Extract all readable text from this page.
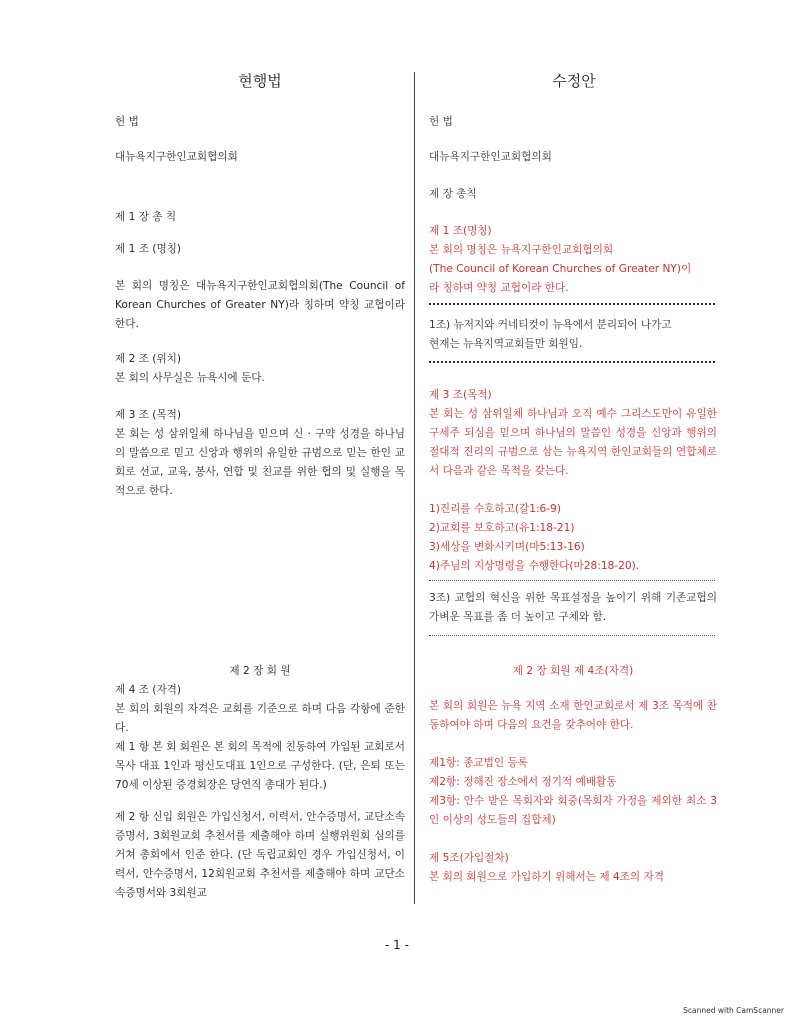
현행법

헌 법

대뉴욕지구한인교회협의회

제 1 장 총 칙

제 1 조 (명칭)

본 회의 명칭은 대뉴욕지구한인교회협의회(The Council of Korean Churches of Greater NY)라 칭하며 약칭 교협이라 한다.

제 2 조 (위치)

본 회의 사무실은 뉴욕시에 둔다.

제 3 조 (목적)

본 회는 성 삼위일체 하나님을 믿으며 신 · 구약 성경을 하나님의 말씀으로 믿고 신앙과 행위의 유일한 규범으로 믿는 한인 교회로 선교, 교육, 봉사, 연합 및 친교를 위한 협의 및 실행을 목적으로 한다.

제 2 장 회 원

제 4 조 (자격)

본 회의 회원의 자격은 교회를 기준으로 하며 다음 각항에 준한다.

제 1 항 본 회 회원은 본 회의 목적에 친동하여 가입된 교회로서 목사 대표 1인과 평신도대표 1인으로 구성한다. (단, 은퇴 또는 70세 이상된 증경회장은 당연직 총대가 된다.)

제 2 항 신입 회원은 가입신청서, 이력서, 안수증명서, 교단소속증명서, 3회원교회 추천서를 제출해야 하며 실행위원회 심의를 거쳐 총회에서 인준 한다. (단 독립교회인 경우 가입신청서, 이력서, 안수증명서, 12회원교회 추천서를 제출해야 하며 교단소속증명서와 3회원교

수정안

헌 법

대뉴욕지구한인교회협의회

제 장 총칙

제 1 조(명칭)

본 회의 명칭은 뉴욕지구한인교회협의회
(The Council of Korean Churches of Greater NY)이
라 칭하며 약칭 교협이라 한다.

1조) 뉴저지와 커네티컷이 뉴욕에서 분리되어 나가고
현재는 뉴욕지역교회들만 회원임.

제 3 조(목적)

본 회는 성 삼위일체 하나님과 오직 예수 그리스도만이 유일한 구세주 되심을 믿으며 하나님의 말씀인 성경을 신앙과 행위의 절대적 진리의 규범으로 삼는 뉴욕지역 한인교회들의 연합체로서 다음과 같은 목적을 갖는다.

1)진리를 수호하고(갈1:6-9)
2)교회를 보호하고(유1:18-21)
3)세상을 변화시키며(마5:13-16)
4)주님의 지상명령을 수행한다(마28:18-20).

3조) 교협의 혁신을 위한 목표설정을 높이기 위해 기존교협의 가벼운 목표를 좀 더 높이고 구체와 함.

제 2 장 회원 제 4조(자격)

본 회의 회원은 뉴욕 지역 소재 한인교회로서 제 3조 목적에 찬동하여야 하며 다음의 요건을 갖추어야 한다.

제1항: 종교법인 등록
제2항: 정해진 장소에서 정기적 예배활동

제3항: 안수 받은 목회자와 회중(목회자 가정을 제외한 최소 3인 이상의 성도들의 집합체)

제 5조(가입절차)

본 회의 회원으로 가입하기 위해서는 제 4조의 자격

- 1 -
Scanned with CamScanner
